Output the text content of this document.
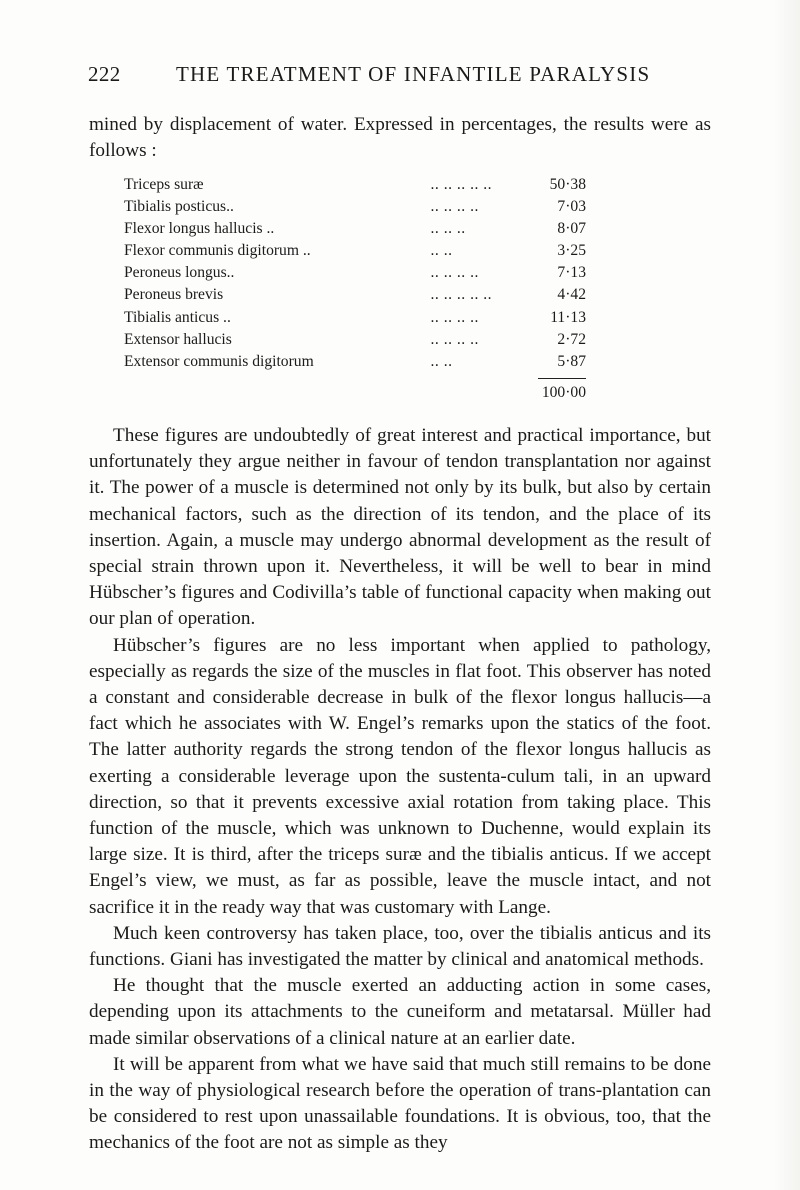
222	THE TREATMENT OF INFANTILE PARALYSIS

mined by displacement of water. Expressed in percentages, the results were as follows :

Triceps suræ	.. .. .. .. ..	50·38
Tibialis posticus..	.. .. .. ..	7·03
Flexor longus hallucis ..	.. .. ..	8·07
Flexor communis digitorum ..	.. ..	3·25
Peroneus longus..	.. .. .. ..	7·13
Peroneus brevis	.. .. .. .. ..	4·42
Tibialis anticus ..	.. .. .. ..	11·13
Extensor hallucis	.. .. .. ..	2·72
Extensor communis digitorum	.. ..	5·87
100·00

These figures are undoubtedly of great interest and practical importance, but unfortunately they argue neither in favour of tendon transplantation nor against it. The power of a muscle is determined not only by its bulk, but also by certain mechanical factors, such as the direction of its tendon, and the place of its insertion. Again, a muscle may undergo abnormal development as the result of special strain thrown upon it. Nevertheless, it will be well to bear in mind Hübscher’s figures and Codivilla’s table of functional capacity when making out our plan of operation.

Hübscher’s figures are no less important when applied to pathology, especially as regards the size of the muscles in flat foot. This observer has noted a constant and considerable decrease in bulk of the flexor longus hallucis—a fact which he associates with W. Engel’s remarks upon the statics of the foot. The latter authority regards the strong tendon of the flexor longus hallucis as exerting a considerable leverage upon the sustenta-culum tali, in an upward direction, so that it prevents excessive axial rotation from taking place. This function of the muscle, which was unknown to Duchenne, would explain its large size. It is third, after the triceps suræ and the tibialis anticus. If we accept Engel’s view, we must, as far as possible, leave the muscle intact, and not sacrifice it in the ready way that was customary with Lange.

Much keen controversy has taken place, too, over the tibialis anticus and its functions. Giani has investigated the matter by clinical and anatomical methods.

He thought that the muscle exerted an adducting action in some cases, depending upon its attachments to the cuneiform and metatarsal. Müller had made similar observations of a clinical nature at an earlier date.

It will be apparent from what we have said that much still remains to be done in the way of physiological research before the operation of trans-plantation can be considered to rest upon unassailable foundations. It is obvious, too, that the mechanics of the foot are not as simple as they
